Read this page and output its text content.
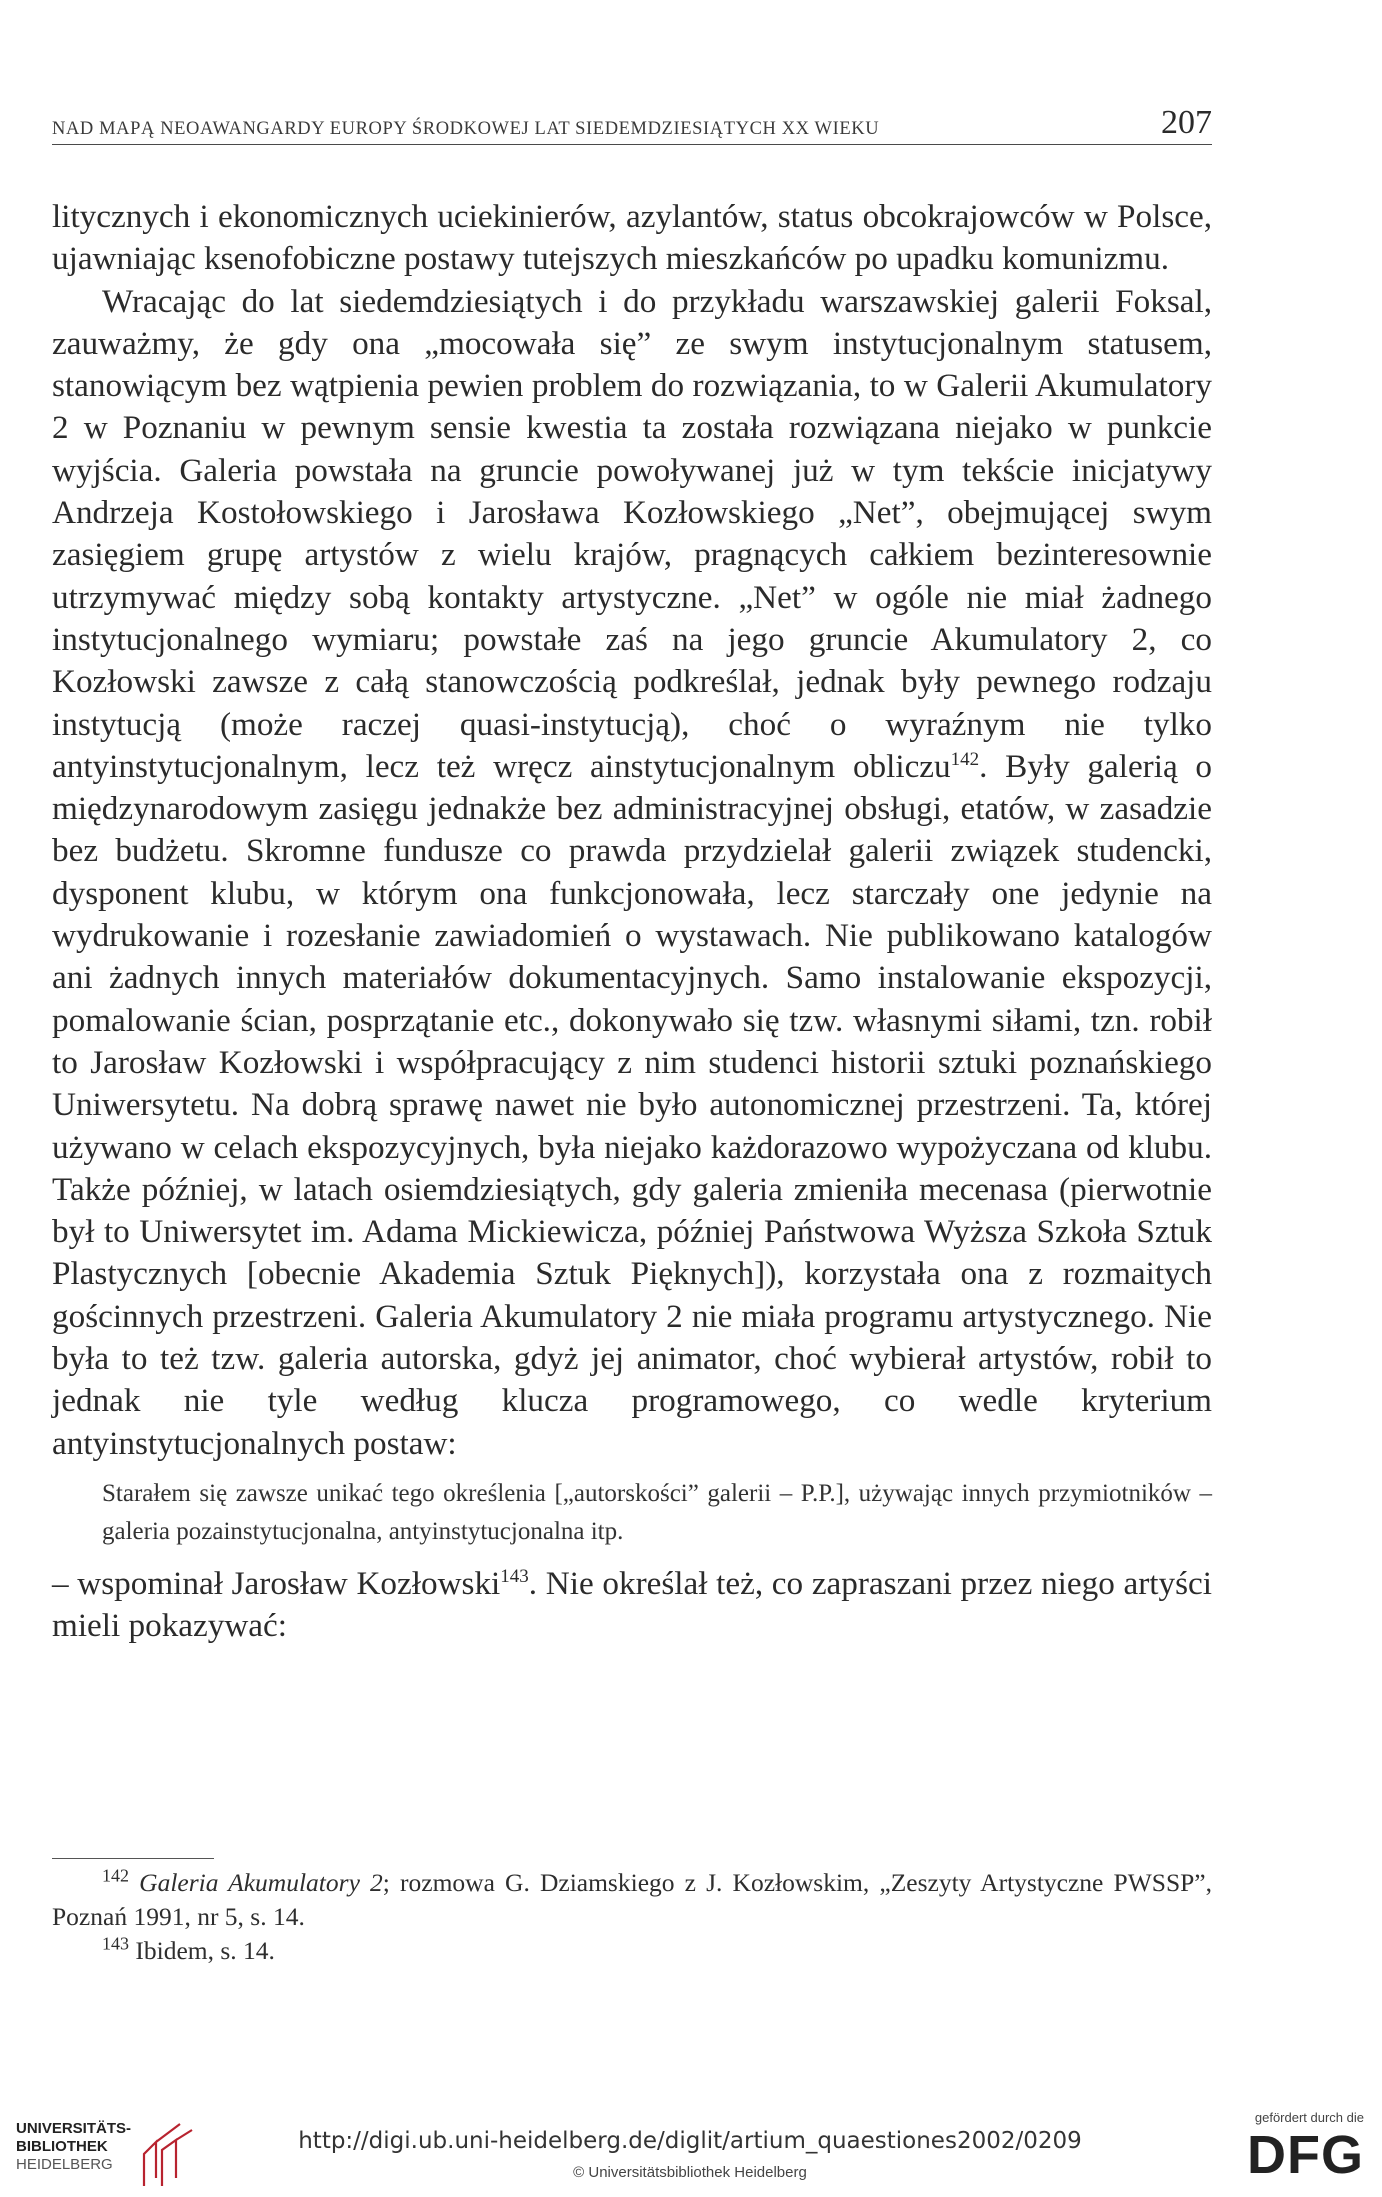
NAD MAPĄ NEOAWANGARDY EUROPY ŚRODKOWEJ LAT SIEDEMDZIESIĄTYCH XX WIEKU	207

litycznych i ekonomicznych uciekinierów, azylantów, status obcokrajowców w Polsce, ujawniając ksenofobiczne postawy tutejszych mieszkańców po upadku komunizmu.

Wracając do lat siedemdziesiątych i do przykładu warszawskiej galerii Foksal, zauważmy, że gdy ona „mocowała się” ze swym instytucjonalnym statusem, stanowiącym bez wątpienia pewien problem do rozwiązania, to w Galerii Akumulatory 2 w Poznaniu w pewnym sensie kwestia ta została rozwiązana niejako w punkcie wyjścia. Galeria powstała na gruncie powoływanej już w tym tekście inicjatywy Andrzeja Kostołowskiego i Jarosława Kozłowskiego „Net”, obejmującej swym zasięgiem grupę artystów z wielu krajów, pragnących całkiem bezinteresownie utrzymywać między sobą kontakty artystyczne. „Net” w ogóle nie miał żadnego instytucjonalnego wymiaru; powstałe zaś na jego gruncie Akumulatory 2, co Kozłowski zawsze z całą stanowczością podkreślał, jednak były pewnego rodzaju instytucją (może raczej quasi-instytucją), choć o wyraźnym nie tylko antyinstytucjonalnym, lecz też wręcz ainstytucjonalnym obliczu$^{142}$. Były galerią o międzynarodowym zasięgu jednakże bez administracyjnej obsługi, etatów, w zasadzie bez budżetu. Skromne fundusze co prawda przydzielał galerii związek studencki, dysponent klubu, w którym ona funkcjonowała, lecz starczały one jedynie na wydrukowanie i rozesłanie zawiadomień o wystawach. Nie publikowano katalogów ani żadnych innych materiałów dokumentacyjnych. Samo instalowanie ekspozycji, pomalowanie ścian, posprzątanie etc., dokonywało się tzw. własnymi siłami, tzn. robił to Jarosław Kozłowski i współpracujący z nim studenci historii sztuki poznańskiego Uniwersytetu. Na dobrą sprawę nawet nie było autonomicznej przestrzeni. Ta, której używano w celach ekspozycyjnych, była niejako każdorazowo wypożyczana od klubu. Także później, w latach osiemdziesiątych, gdy galeria zmieniła mecenasa (pierwotnie był to Uniwersytet im. Adama Mickiewicza, później Państwowa Wyższa Szkoła Sztuk Plastycznych [obecnie Akademia Sztuk Pięknych]), korzystała ona z rozmaitych gościnnych przestrzeni. Galeria Akumulatory 2 nie miała programu artystycznego. Nie była to też tzw. galeria autorska, gdyż jej animator, choć wybierał artystów, robił to jednak nie tyle według klucza programowego, co wedle kryterium antyinstytucjonalnych postaw:

Starałem się zawsze unikać tego określenia [„autorskości” galerii – P.P.], używając innych przymiotników – galeria pozainstytucjonalna, antyinstytucjonalna itp.

– wspominał Jarosław Kozłowski$^{143}$. Nie określał też, co zapraszani przez niego artyści mieli pokazywać:

$^{142}$ Galeria Akumulatory 2; rozmowa G. Dziamskiego z J. Kozłowskim, „Zeszyty Artystyczne PWSSP”, Poznań 1991, nr 5, s. 14.

$^{143}$ Ibidem, s. 14.

UNIVERSITÄTS-
BIBLIOTHEK
HEIDELBERG
http://digi.ub.uni-heidelberg.de/diglit/artium_quaestiones2002/0209
© Universitätsbibliothek Heidelberg
gefördert durch die
DFG
